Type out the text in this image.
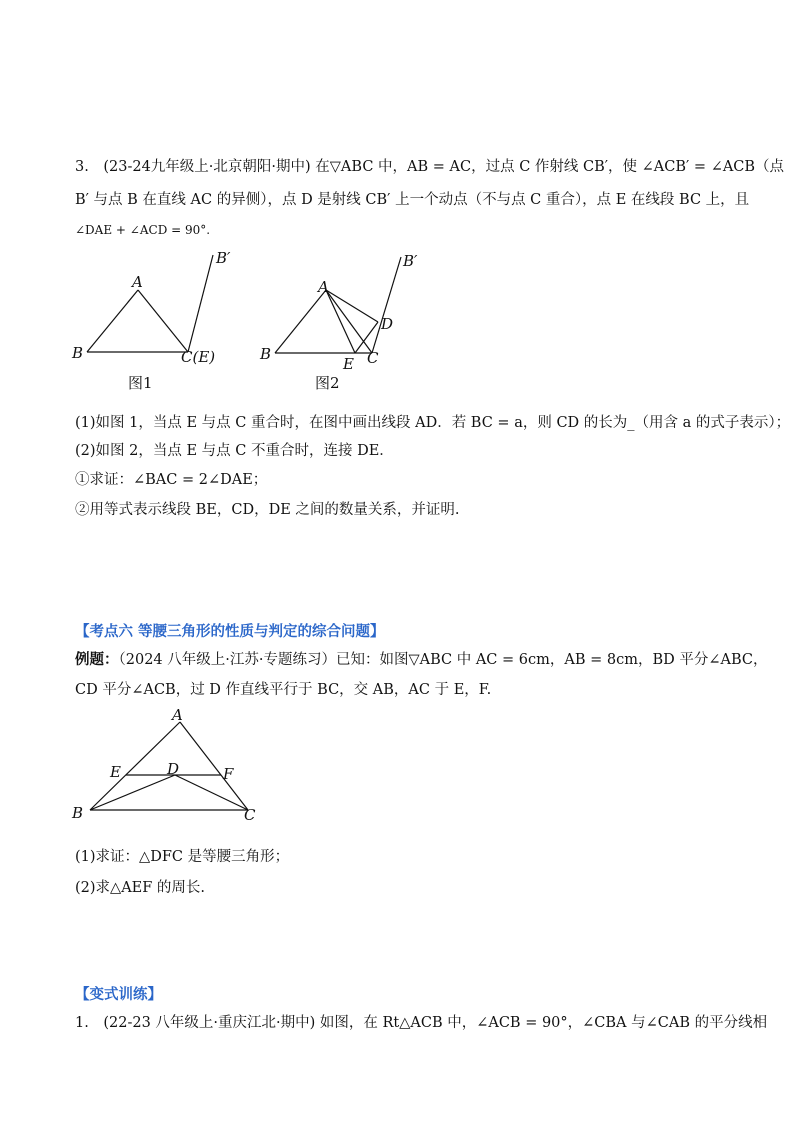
3.　(23-24九年级上·北京朝阳·期中) 在▽ABC 中，AB = AC，过点 C 作射线 CB′，使 ∠ACB′ = ∠ACB（点
B′ 与点 B 在直线 AC 的异侧），点 D 是射线 CB′ 上一个动点（不与点 C 重合），点 E 在线段 BC 上，且
∠DAE + ∠ACD = 90°.
A
B	C(E)
B′
图1
A
B	C
D
E
B′
图2
(1)如图 1，当点 E 与点 C 重合时，在图中画出线段 AD．若 BC = a，则 CD 的长为_（用含 a 的式子表示）；
(2)如图 2，当点 E 与点 C 不重合时，连接 DE．
①求证：∠BAC = 2∠DAE；
②用等式表示线段 BE，CD，DE 之间的数量关系，并证明.
【考点六 等腰三角形的性质与判定的综合问题】
例题：（2024 八年级上·江苏·专题练习）已知：如图▽ABC 中 AC = 6cm，AB = 8cm，BD 平分∠ABC，
CD 平分∠ACB，过 D 作直线平行于 BC，交 AB，AC 于 E，F.
A
B	C
D
E	F
(1)求证：△DFC 是等腰三角形；
(2)求△AEF 的周长.
【变式训练】
1.　(22-23 八年级上·重庆江北·期中) 如图，在 Rt△ACB 中，∠ACB = 90°，∠CBA 与∠CAB 的平分线相
